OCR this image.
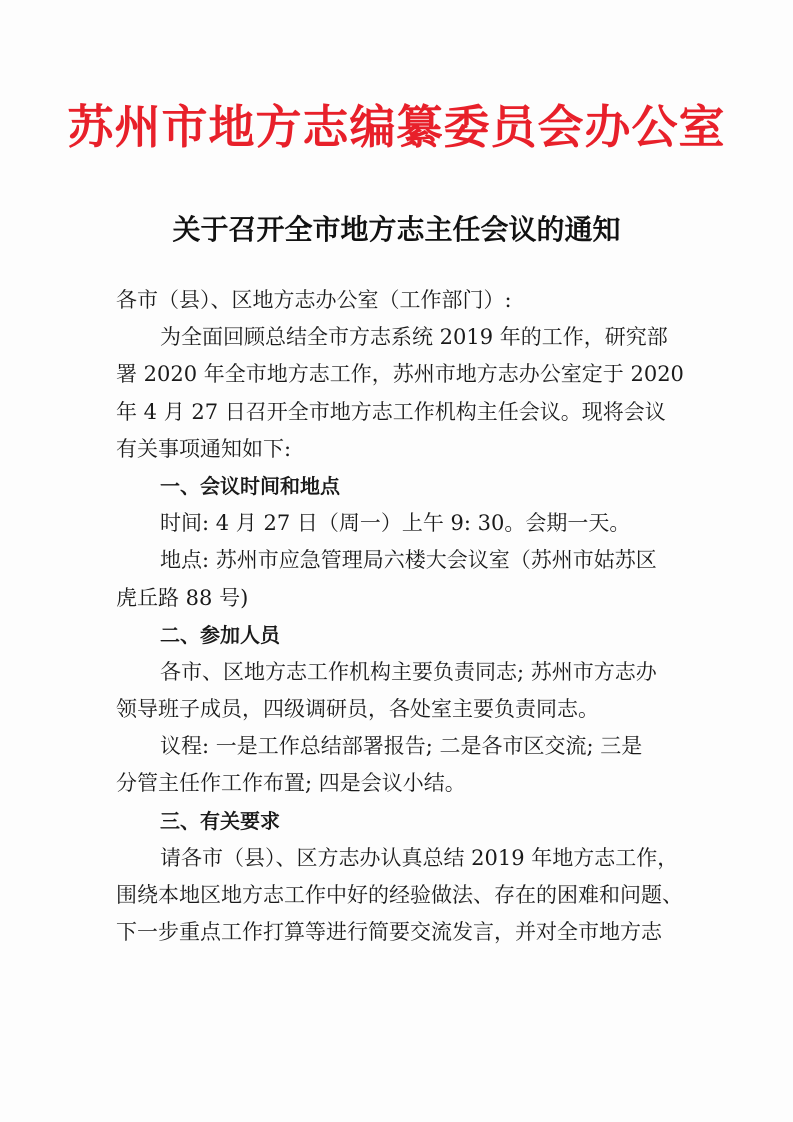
苏州市地方志编纂委员会办公室
关于召开全市地方志主任会议的通知
各市（县）、区地方志办公室（工作部门）:
为全面回顾总结全市方志系统 2019 年的工作，研究部
署 2020 年全市地方志工作，苏州市地方志办公室定于 2020
年 4 月 27 日召开全市地方志工作机构主任会议。现将会议
有关事项通知如下:
一、会议时间和地点
时间: 4 月 27 日（周一）上午 9: 30。会期一天。
地点: 苏州市应急管理局六楼大会议室（苏州市姑苏区
虎丘路 88 号)
二、参加人员
各市、区地方志工作机构主要负责同志; 苏州市方志办
领导班子成员，四级调研员，各处室主要负责同志。
议程: 一是工作总结部署报告; 二是各市区交流; 三是
分管主任作工作布置; 四是会议小结。
三、有关要求
请各市（县）、区方志办认真总结 2019 年地方志工作，
围绕本地区地方志工作中好的经验做法、存在的困难和问题、
下一步重点工作打算等进行简要交流发言，并对全市地方志
